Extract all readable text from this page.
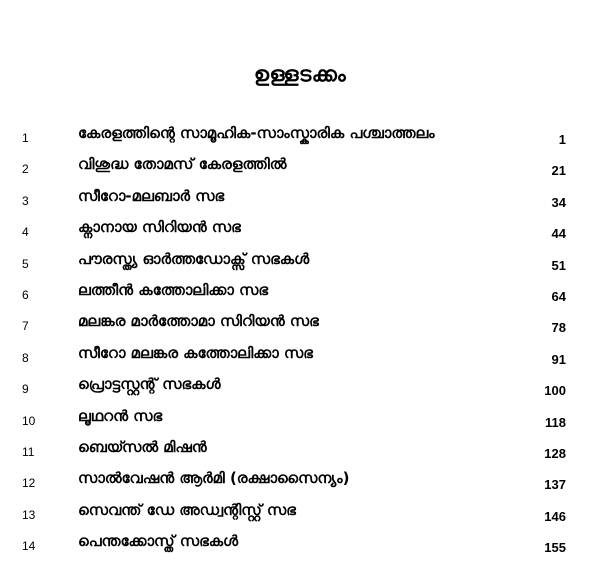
ഉള്ളടക്കം
1	കേരളത്തിന്റെ സാമൂഹിക-സാംസ്കാരിക പശ്ചാത്തലം	1
2	വിശുദ്ധ തോമസ് കേരളത്തിൽ	21
3	സീറോ-മലബാർ സഭ	34
4	ക്നാനായ സിറിയൻ സഭ	44
5	പൗരസ്ത്യ ഓർത്തഡോക്സ് സഭകൾ	51
6	ലത്തീൻ കത്തോലിക്കാ സഭ	64
7	മലങ്കര മാർത്തോമാ സിറിയൻ സഭ	78
8	സീറോ മലങ്കര കത്തോലിക്കാ സഭ	91
9	പ്രൊട്ടസ്റ്റന്റ് സഭകൾ	100
10	ലൂഥറൻ സഭ	118
11	ബെയ്സൽ മിഷൻ	128
12	സാൽവേഷൻ ആർമി (രക്ഷാസൈന്യം)	137
13	സെവന്ത് ഡേ അഡ്വന്റിസ്റ്റ് സഭ	146
14	പെന്തക്കോസ്ത് സഭകൾ	155
